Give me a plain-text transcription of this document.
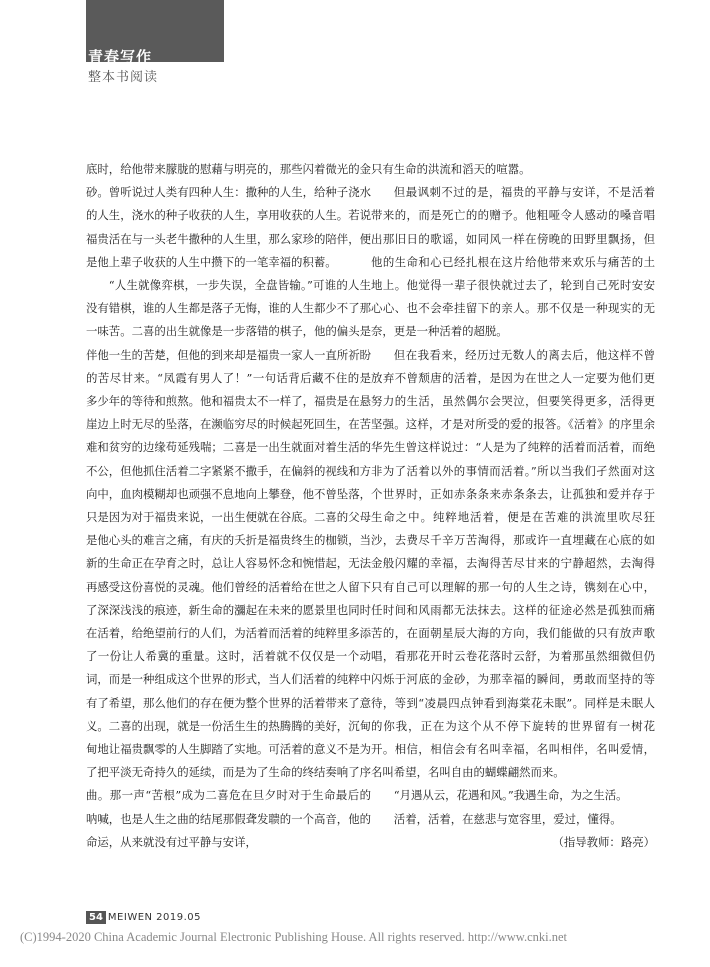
青春写作
整本书阅读

底时，给他带来朦胧的慰藉与明亮的，那些闪着微光的金砂。曾听说过人类有四种人生：撒种的人生，给种子浇水的人生，浇水的种子收获的人生，享用收获的人生。若说福贵活在与一头老牛撒种的人生里，那么家珍的陪伴，便是他上辈子收获的人生中攒下的一笔幸福的积蓄。

“人生就像弈棋，一步失误，全盘皆输。”可谁的人生没有错棋，谁的人生都是落子无悔，谁的人生都少不了那一味苦。二喜的出生就像是一步落错的棋子，他的偏头是伴他一生的苦楚，但他的到来却是福贵一家人一直所祈盼的苦尽甘来。“凤霞有男人了！”一句话背后藏不住的是多少年的等待和煎熬。他和福贵太不一样了，福贵是在悬崖边上时无尽的坠落，在濒临穷尽的时候起死回生，在苦难和贫穷的边缘苟延残喘；二喜是一出生就面对着生活的不公，但他抓住活着二字紧紧不撒手，在偏斜的视线和方向中，血肉模糊却也顽强不息地向上攀登，他不曾坠落，只是因为对于福贵来说，一出生便就在谷底。二喜的父母是他心头的难言之痛，有庆的夭折是福贵终生的枷锁，当新的生命正在孕育之时，总让人容易怀念和惋惜起，无法再感受这份喜悦的灵魂。他们曾经的活着给在世之人留下了深深浅浅的痕迹，新生命的瀰起在未来的愿景里也同时在活着，给绝望前行的人们，为活着而活着的纯粹里多添了一份让人希冀的重量。这时，活着就不仅仅是一个动词，而是一种组成这个世界的形式，当人们活着的纯粹中有了希望，那么他们的存在便为整个世界的活着带来了意义。二喜的出现，就是一份活生生的热腾腾的美好，沉甸甸地让福贵飘零的人生脚踏了实地。可活着的意义不是为了把平淡无奇持久的延续，而是为了生命的终结奏响了序曲。那一声“苦根”成为二喜危在旦夕时对于生命最后的呐喊，也是人生之曲的结尾那假聋发聩的一个高音，他的命运，从来就没有过平静与安详，

只有生命的洪流和滔天的喧嚣。

但最讽刺不过的是，福贵的平静与安详，不是活着带来的，而是死亡的的赠予。他粗哑令人感动的嗓音唱出那旧日的歌谣，如同风一样在傍晚的田野里飘扬，但他的生命和心已经扎根在这片给他带来欢乐与痛苦的土地上。他觉得一辈子很快就过去了，轮到自己死时安安心心、也不会牵挂留下的亲人。那不仅是一种现实的无奈，更是一种活着的超脱。

但在我看来，经历过无数人的离去后，他这样不曾放弃不曾颓唐的活着，是因为在世之人一定要为他们更努力的生活，虽然偶尔会哭泣，但要笑得更多，活得更坚强。这样，才是对所受的爱的报答。《活着》的序里余华先生曾这样说过：“人是为了纯粹的活着而活着，而绝非为了活着以外的事情而活着。”所以当我们孑然面对这个世界时，正如赤条条来赤条条去，让孤独和爱并存于生命之中。纯粹地活着，便是在苦难的洪流里吹尽狂沙，去费尽千辛万苦淘得，那或许一直埋藏在心底的如金般闪耀的幸福，去淘得苦尽甘来的宁静超然，去淘得只有自己可以理解的那一句的人生之诗，镌刻在心中，任时间和风雨都无法抹去。这样的征途必然是孤独而痛苦的，在面朝星辰大海的方向，我们能做的只有放声歌唱，看那花开时云卷花落时云舒，为着那虽然细微但仍闪烁于河底的金砂，为那幸福的瞬间，勇敢而坚持的等待，等到“凌晨四点钟看到海棠花未眠”。同样是未眠人的你我，正在为这个从不停下旋转的世界留有一树花开。相信，相信会有名叫幸福，名叫相伴，名叫爱情，名叫希望，名叫自由的蝴蝶翩然而来。

“月遇从云，花遇和风。”我遇生命，为之生活。

活着，活着，在慈悲与宽容里，爱过，懂得。

（指导教师：路亮）

54 MEIWEN 2019.05
(C)1994-2020 China Academic Journal Electronic Publishing House. All rights reserved. http://www.cnki.net
